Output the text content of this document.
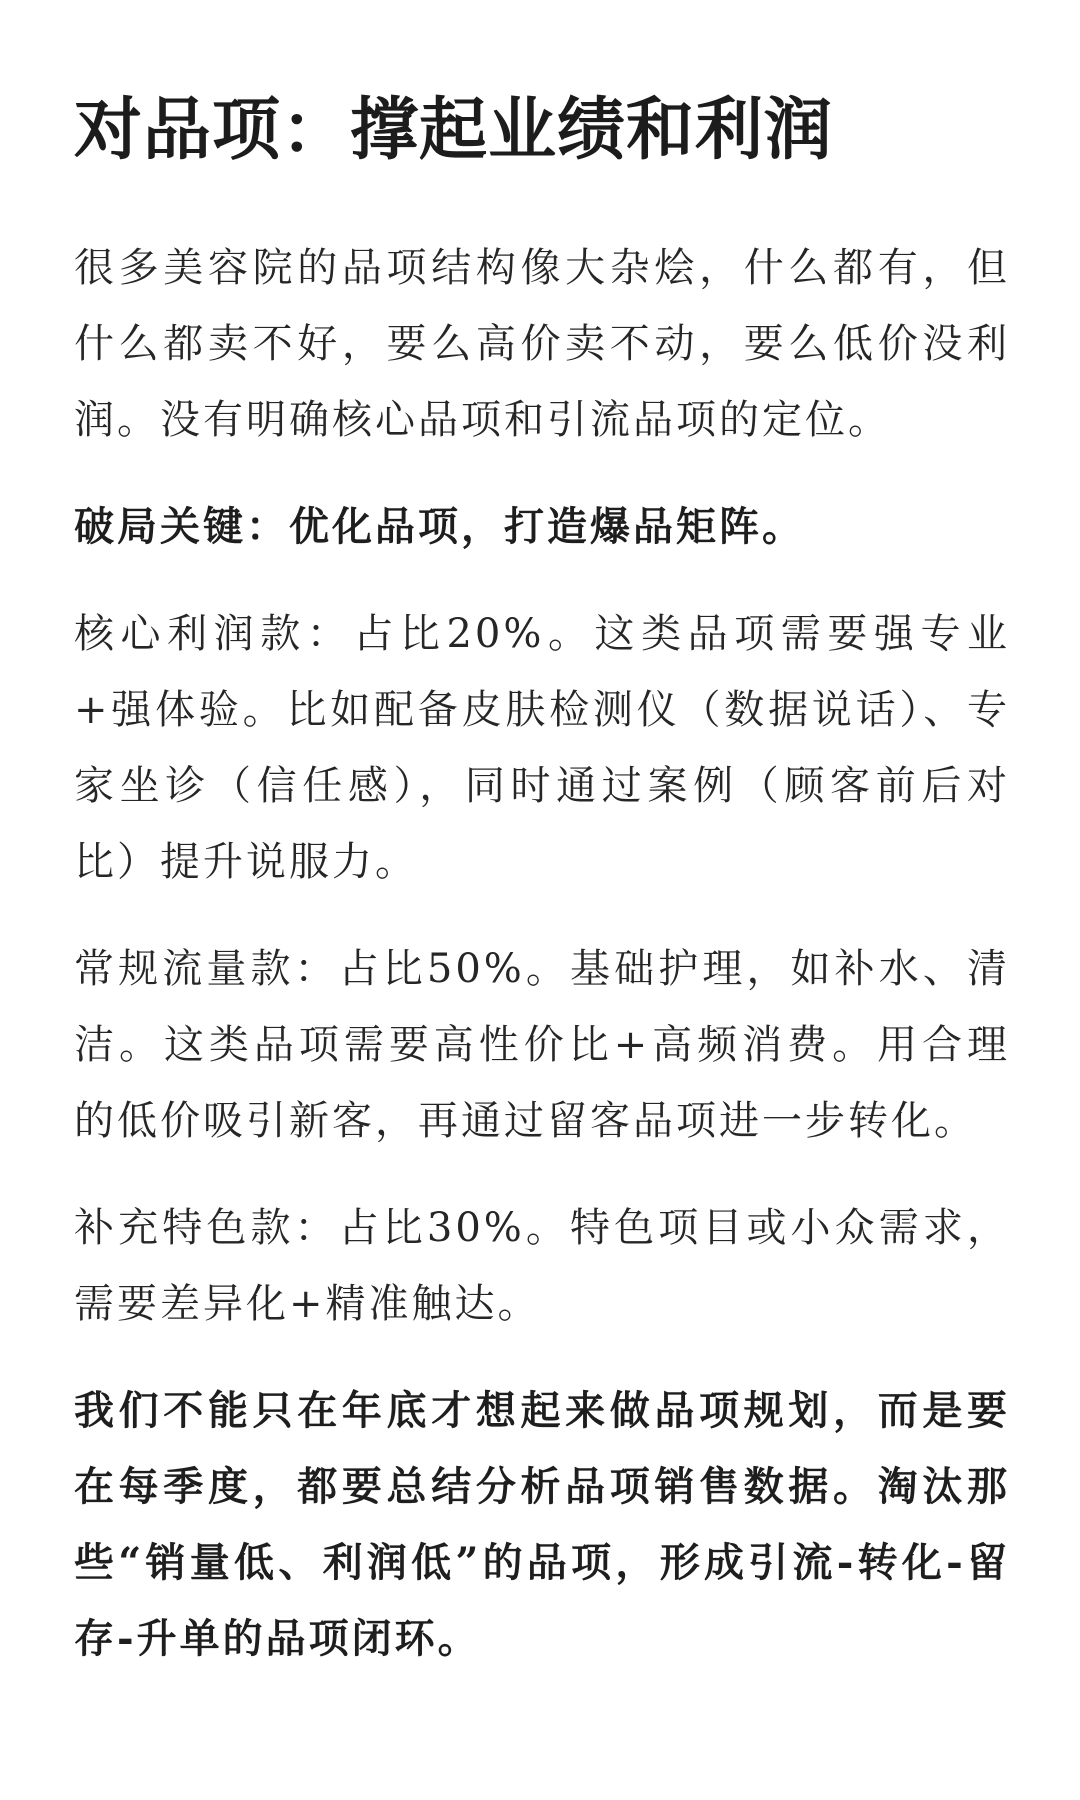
对品项：撑起业绩和利润

很多美容院的品项结构像大杂烩，什么都有，但什么都卖不好，要么高价卖不动，要么低价没利润。没有明确核心品项和引流品项的定位。

破局关键：优化品项，打造爆品矩阵。

核心利润款：占比20%。这类品项需要强专业+强体验。比如配备皮肤检测仪（数据说话）、专家坐诊（信任感），同时通过案例（顾客前后对比）提升说服力。

常规流量款：占比50%。基础护理，如补水、清洁。这类品项需要高性价比+高频消费。用合理的低价吸引新客，再通过留客品项进一步转化。

补充特色款：占比30%。特色项目或小众需求，需要差异化+精准触达。

我们不能只在年底才想起来做品项规划，而是要在每季度，都要总结分析品项销售数据。淘汰那些“销量低、利润低”的品项，形成引流-转化-留存-升单的品项闭环。
